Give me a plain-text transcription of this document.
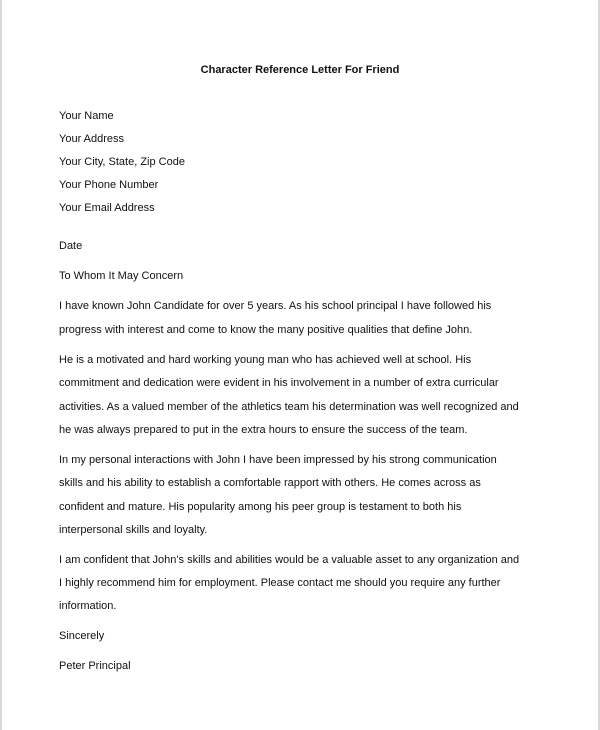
Character Reference Letter For Friend
Your Name
Your Address
Your City, State, Zip Code
Your Phone Number
Your Email Address
Date
To Whom It May Concern
I have known John Candidate for over 5 years. As his school principal I have followed his
progress with interest and come to know the many positive qualities that define John.
He is a motivated and hard working young man who has achieved well at school. His
commitment and dedication were evident in his involvement in a number of extra curricular
activities. As a valued member of the athletics team his determination was well recognized and
he was always prepared to put in the extra hours to ensure the success of the team.
In my personal interactions with John I have been impressed by his strong communication
skills and his ability to establish a comfortable rapport with others. He comes across as
confident and mature. His popularity among his peer group is testament to both his
interpersonal skills and loyalty.
I am confident that John's skills and abilities would be a valuable asset to any organization and
I highly recommend him for employment. Please contact me should you require any further
information.
Sincerely
Peter Principal
